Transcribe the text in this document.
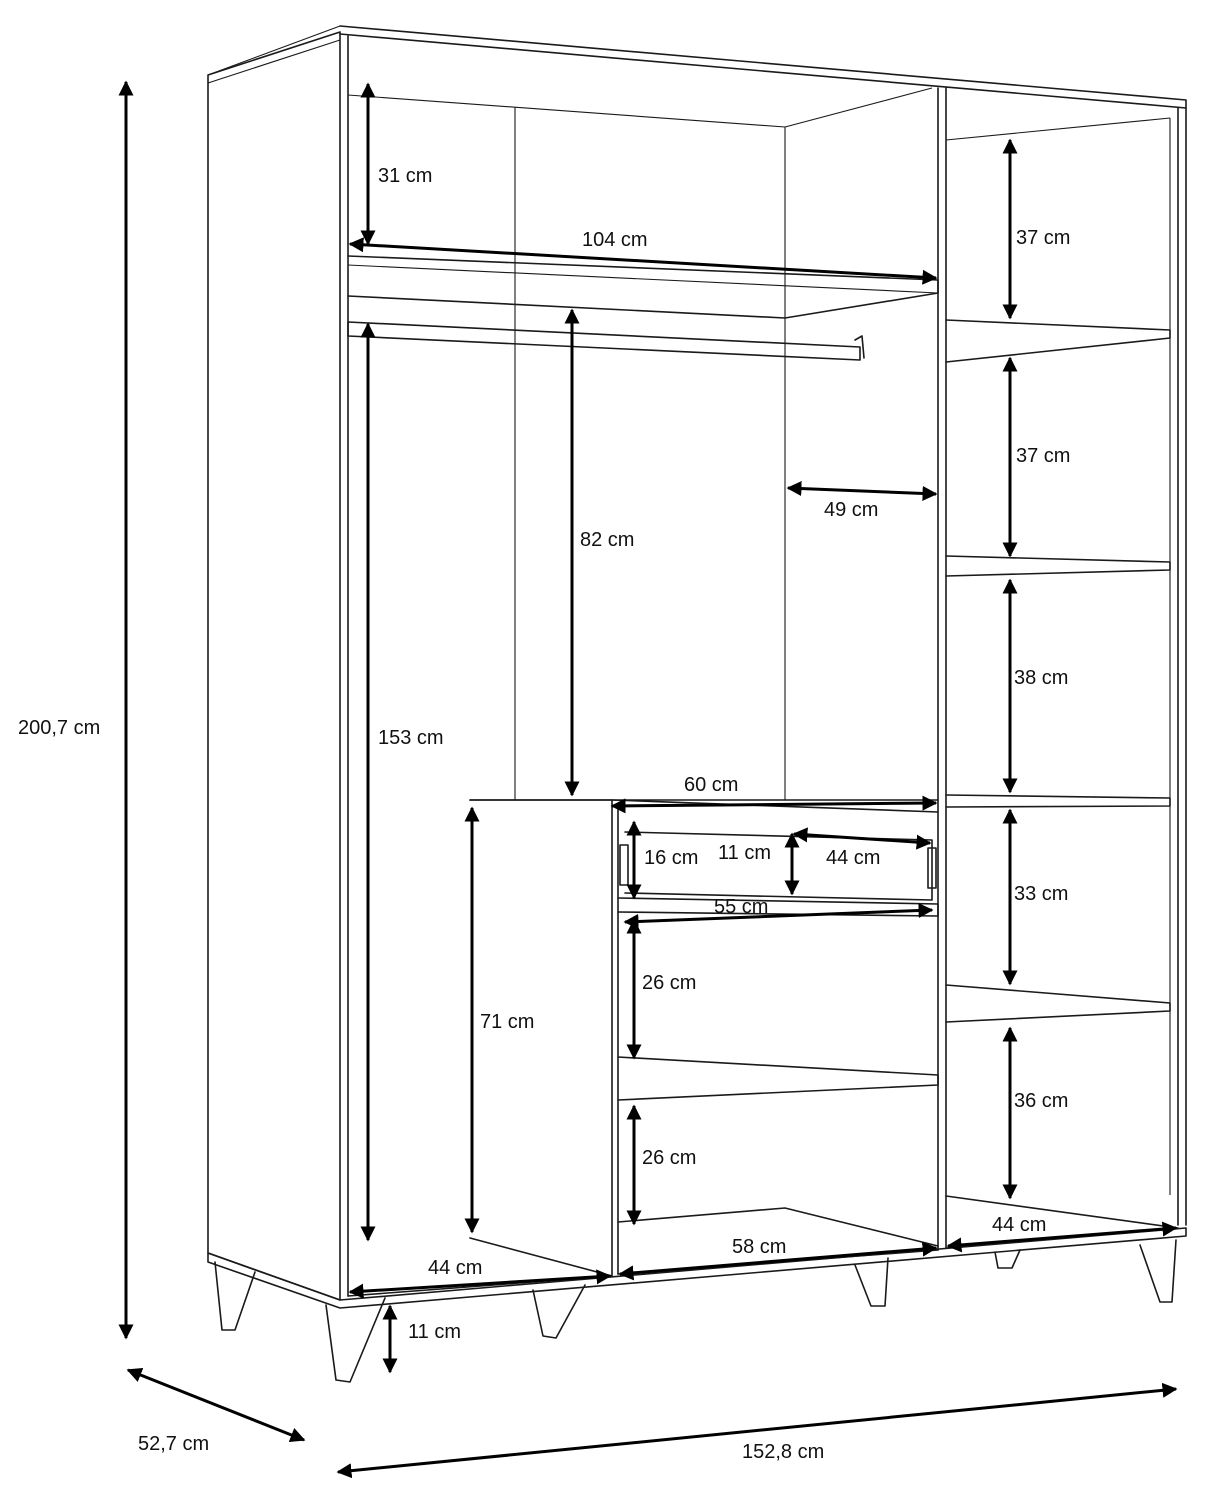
200,7 cm
52,7 cm	152,8 cm
11 cm
31 cm
104 cm
153 cm
82 cm
49 cm
44 cm
71 cm
60 cm
16 cm 11 cm	44 cm
55 cm
26 cm
26 cm
58 cm
37 cm
37 cm
38 cm
33 cm
36 cm
44 cm
